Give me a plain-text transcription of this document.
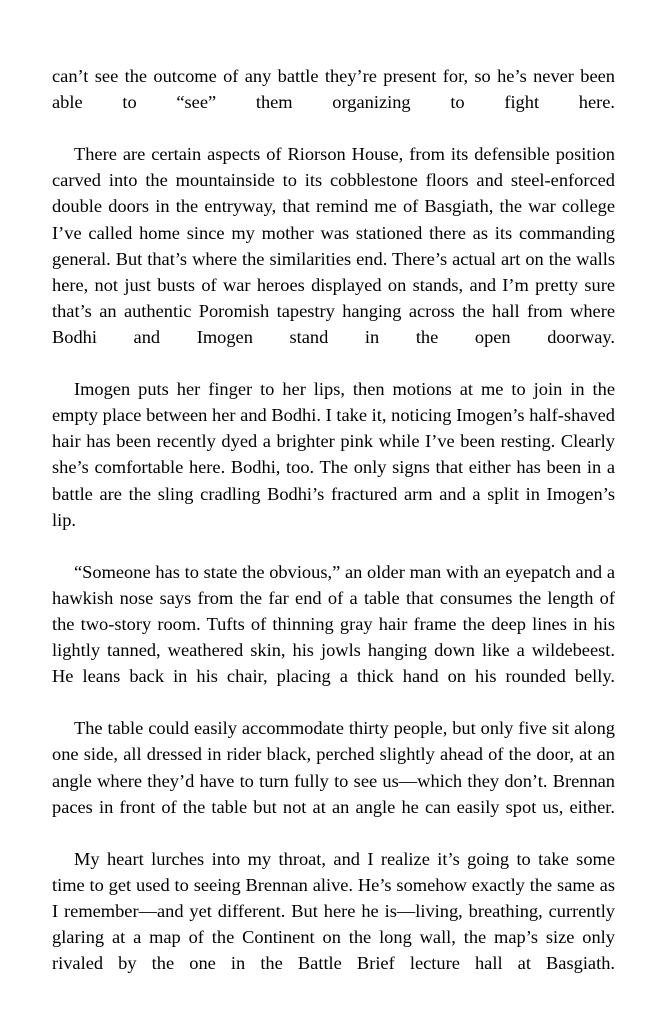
can’t see the outcome of any battle they’re present for, so he’s never been able to “see” them organizing to fight here.

There are certain aspects of Riorson House, from its defensible position carved into the mountainside to its cobblestone floors and steel-enforced double doors in the entryway, that remind me of Basgiath, the war college I’ve called home since my mother was stationed there as its commanding general. But that’s where the similarities end. There’s actual art on the walls here, not just busts of war heroes displayed on stands, and I’m pretty sure that’s an authentic Poromish tapestry hanging across the hall from where Bodhi and Imogen stand in the open doorway.

Imogen puts her finger to her lips, then motions at me to join in the empty place between her and Bodhi. I take it, noticing Imogen’s half-shaved hair has been recently dyed a brighter pink while I’ve been resting. Clearly she’s comfortable here. Bodhi, too. The only signs that either has been in a battle are the sling cradling Bodhi’s fractured arm and a split in Imogen’s lip.

“Someone has to state the obvious,” an older man with an eyepatch and a hawkish nose says from the far end of a table that consumes the length of the two-story room. Tufts of thinning gray hair frame the deep lines in his lightly tanned, weathered skin, his jowls hanging down like a wildebeest. He leans back in his chair, placing a thick hand on his rounded belly.

The table could easily accommodate thirty people, but only five sit along one side, all dressed in rider black, perched slightly ahead of the door, at an angle where they’d have to turn fully to see us—which they don’t. Brennan paces in front of the table but not at an angle he can easily spot us, either.

My heart lurches into my throat, and I realize it’s going to take some time to get used to seeing Brennan alive. He’s somehow exactly the same as I remember—and yet different. But here he is—living, breathing, currently glaring at a map of the Continent on the long wall, the map’s size only rivaled by the one in the Battle Brief lecture hall at Basgiath.
